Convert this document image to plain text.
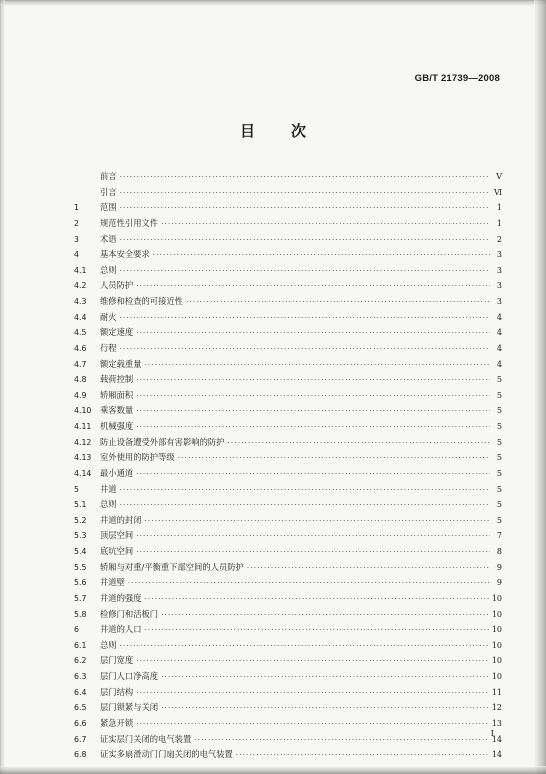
GB/T 21739—2008
目 次
前言 ·····	V
引言 ·····	Ⅵ
1	范围 ·····	1
2	规范性引用文件 ·····	1
3	术语 ·····	2
4	基本安全要求 ·····	3
4.1	总则 ·····	3
4.2	人员防护 ·····	3
4.3	维修和检查的可接近性 ·····	3
4.4	耐火 ·····	4
4.5	额定速度 ·····	4
4.6	行程 ·····	4
4.7	额定载重量 ·····	4
4.8	载荷控制 ·····	5
4.9	轿厢面积 ·····	5
4.10	乘客数量 ·····	5
4.11	机械强度 ·····	5
4.12	防止设备遭受外部有害影响的防护 ·····	5
4.13	室外使用的防护等级 ·····	5
4.14	最小通道 ·····	5
5	井道 ·····	5
5.1	总则 ·····	5
5.2	井道的封闭 ·····	5
5.3	顶层空间 ·····	7
5.4	底坑空间 ·····	8
5.5	轿厢与对重/平衡重下部空间的人员防护 ·····	9
5.6	井道壁 ·····	9
5.7	井道的强度 ·····	10
5.8	检修门和活板门 ·····	10
6	井道的人口 ·····	10
6.1	总则 ·····	10
6.2	层门宽度 ·····	10
6.3	层门人口净高度 ·····	10
6.4	层门结构 ·····	11
6.5	层门锁紧与关闭 ·····	12
6.6	紧急开锁 ·····	13
6.7	证实层门关闭的电气装置 ·····	14
6.8	证实多扇滑动门门扇关闭的电气装置 ·····	14
I
